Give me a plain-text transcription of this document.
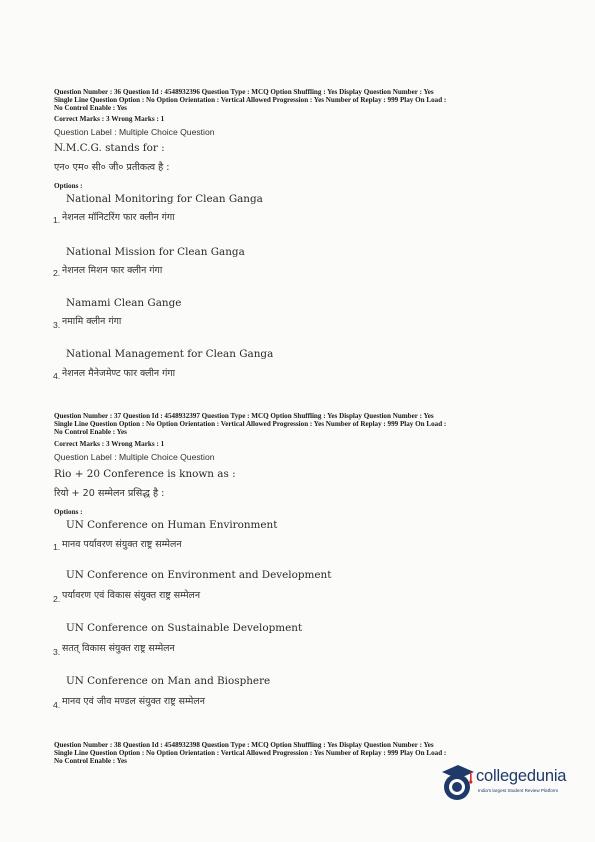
Question Number : 36 Question Id : 4548932396 Question Type : MCQ Option Shuffling : Yes Display Question Number : Yes
Single Line Question Option : No Option Orientation : Vertical Allowed Progression : Yes Number of Replay : 999 Play On Load :
No Control Enable : Yes
Correct Marks : 3 Wrong Marks : 1
Question Label : Multiple Choice Question
N.M.C.G. stands for :
एन० एम० सी० जी० प्रतीकत्व है :
Options :
National Monitoring for Clean Ganga
1. नेशनल मॉनिटरिंग फार क्लीन गंगा
National Mission for Clean Ganga
2. नेशनल मिशन फार क्लीन गंगा
Namami Clean Gange
3. नमामि क्लीन गंगा
National Management for Clean Ganga
4. नेशनल मैनेजमेण्ट फार क्लीन गंगा
Question Number : 37 Question Id : 4548932397 Question Type : MCQ Option Shuffling : Yes Display Question Number : Yes
Single Line Question Option : No Option Orientation : Vertical Allowed Progression : Yes Number of Replay : 999 Play On Load :
No Control Enable : Yes
Correct Marks : 3 Wrong Marks : 1
Question Label : Multiple Choice Question
Rio + 20 Conference is known as :
रियो + 20 सम्मेलन प्रसिद्ध है :
Options :
UN Conference on Human Environment
1. मानव पर्यावरण संयुक्त राष्ट्र सम्मेलन
UN Conference on Environment and Development
2. पर्यावरण एवं विकास संयुक्त राष्ट्र सम्मेलन
UN Conference on Sustainable Development
3. सतत् विकास संयुक्त राष्ट्र सम्मेलन
UN Conference on Man and Biosphere
4. मानव एवं जीव मण्डल संयुक्त राष्ट्र सम्मेलन
Question Number : 38 Question Id : 4548932398 Question Type : MCQ Option Shuffling : Yes Display Question Number : Yes
Single Line Question Option : No Option Orientation : Vertical Allowed Progression : Yes Number of Replay : 999 Play On Load :
No Control Enable : Yes
collegedunia
India's largest Student Review Platform
